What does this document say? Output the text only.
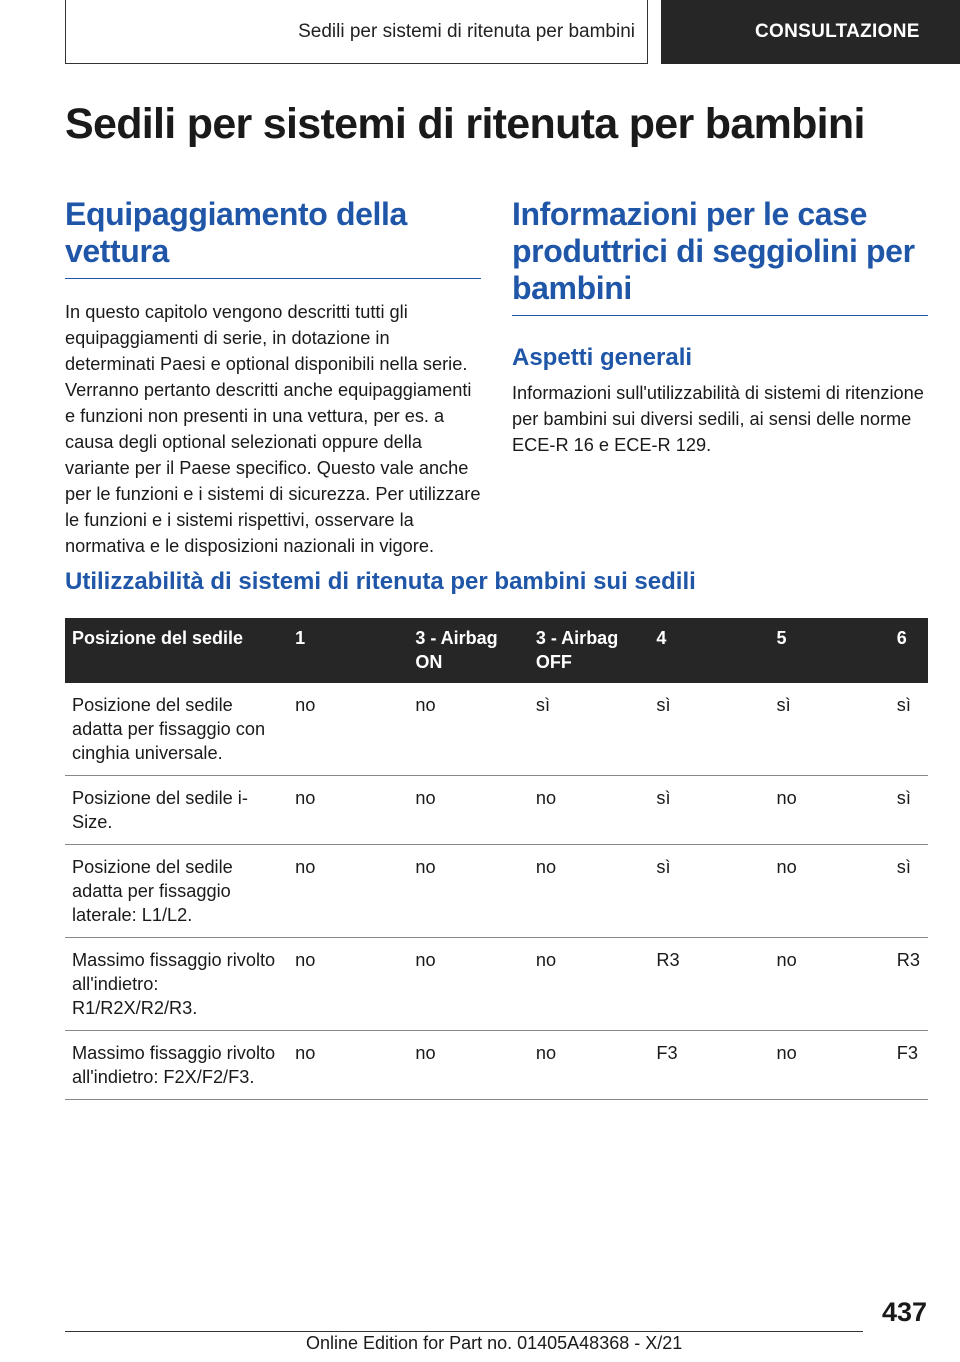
Sedili per sistemi di ritenuta per bambini	CONSULTAZIONE
Sedili per sistemi di ritenuta per bambini
Equipaggiamento della vettura

In questo capitolo vengono descritti tutti gli equipaggiamenti di serie, in dotazione in determinati Paesi e optional disponibili nella serie. Verranno pertanto descritti anche equipaggiamenti e funzioni non presenti in una vettura, per es. a causa degli optional selezionati oppure della variante per il Paese specifico. Questo vale anche per le funzioni e i sistemi di sicurezza. Per utilizzare le funzioni e i sistemi rispettivi, osservare la normativa e le disposizioni nazionali in vigore.

Informazioni per le case produttrici di seggiolini per bambini
Aspetti generali

Informazioni sull'utilizzabilità di sistemi di ritenzione per bambini sui diversi sedili, ai sensi delle norme ECE-R 16 e ECE-R 129.

Utilizzabilità di sistemi di ritenuta per bambini sui sedili
Posizione del sedile	1	3 - Airbag ON	3 - Airbag OFF	4	5	6
Posizione del sedile adatta per fissaggio con cinghia universale.	no	no	sì	sì	sì	sì
Posizione del sedile i-Size.	no	no	no	sì	no	sì
Posizione del sedile adatta per fissaggio laterale: L1/L2.	no	no	no	sì	no	sì
Massimo fissaggio rivolto all'indietro: R1/R2X/R2/R3.	no	no	no	R3	no	R3
Massimo fissaggio rivolto all'indietro: F2X/F2/F3.	no	no	no	F3	no	F3
437
Online Edition for Part no. 01405A48368 - X/21
